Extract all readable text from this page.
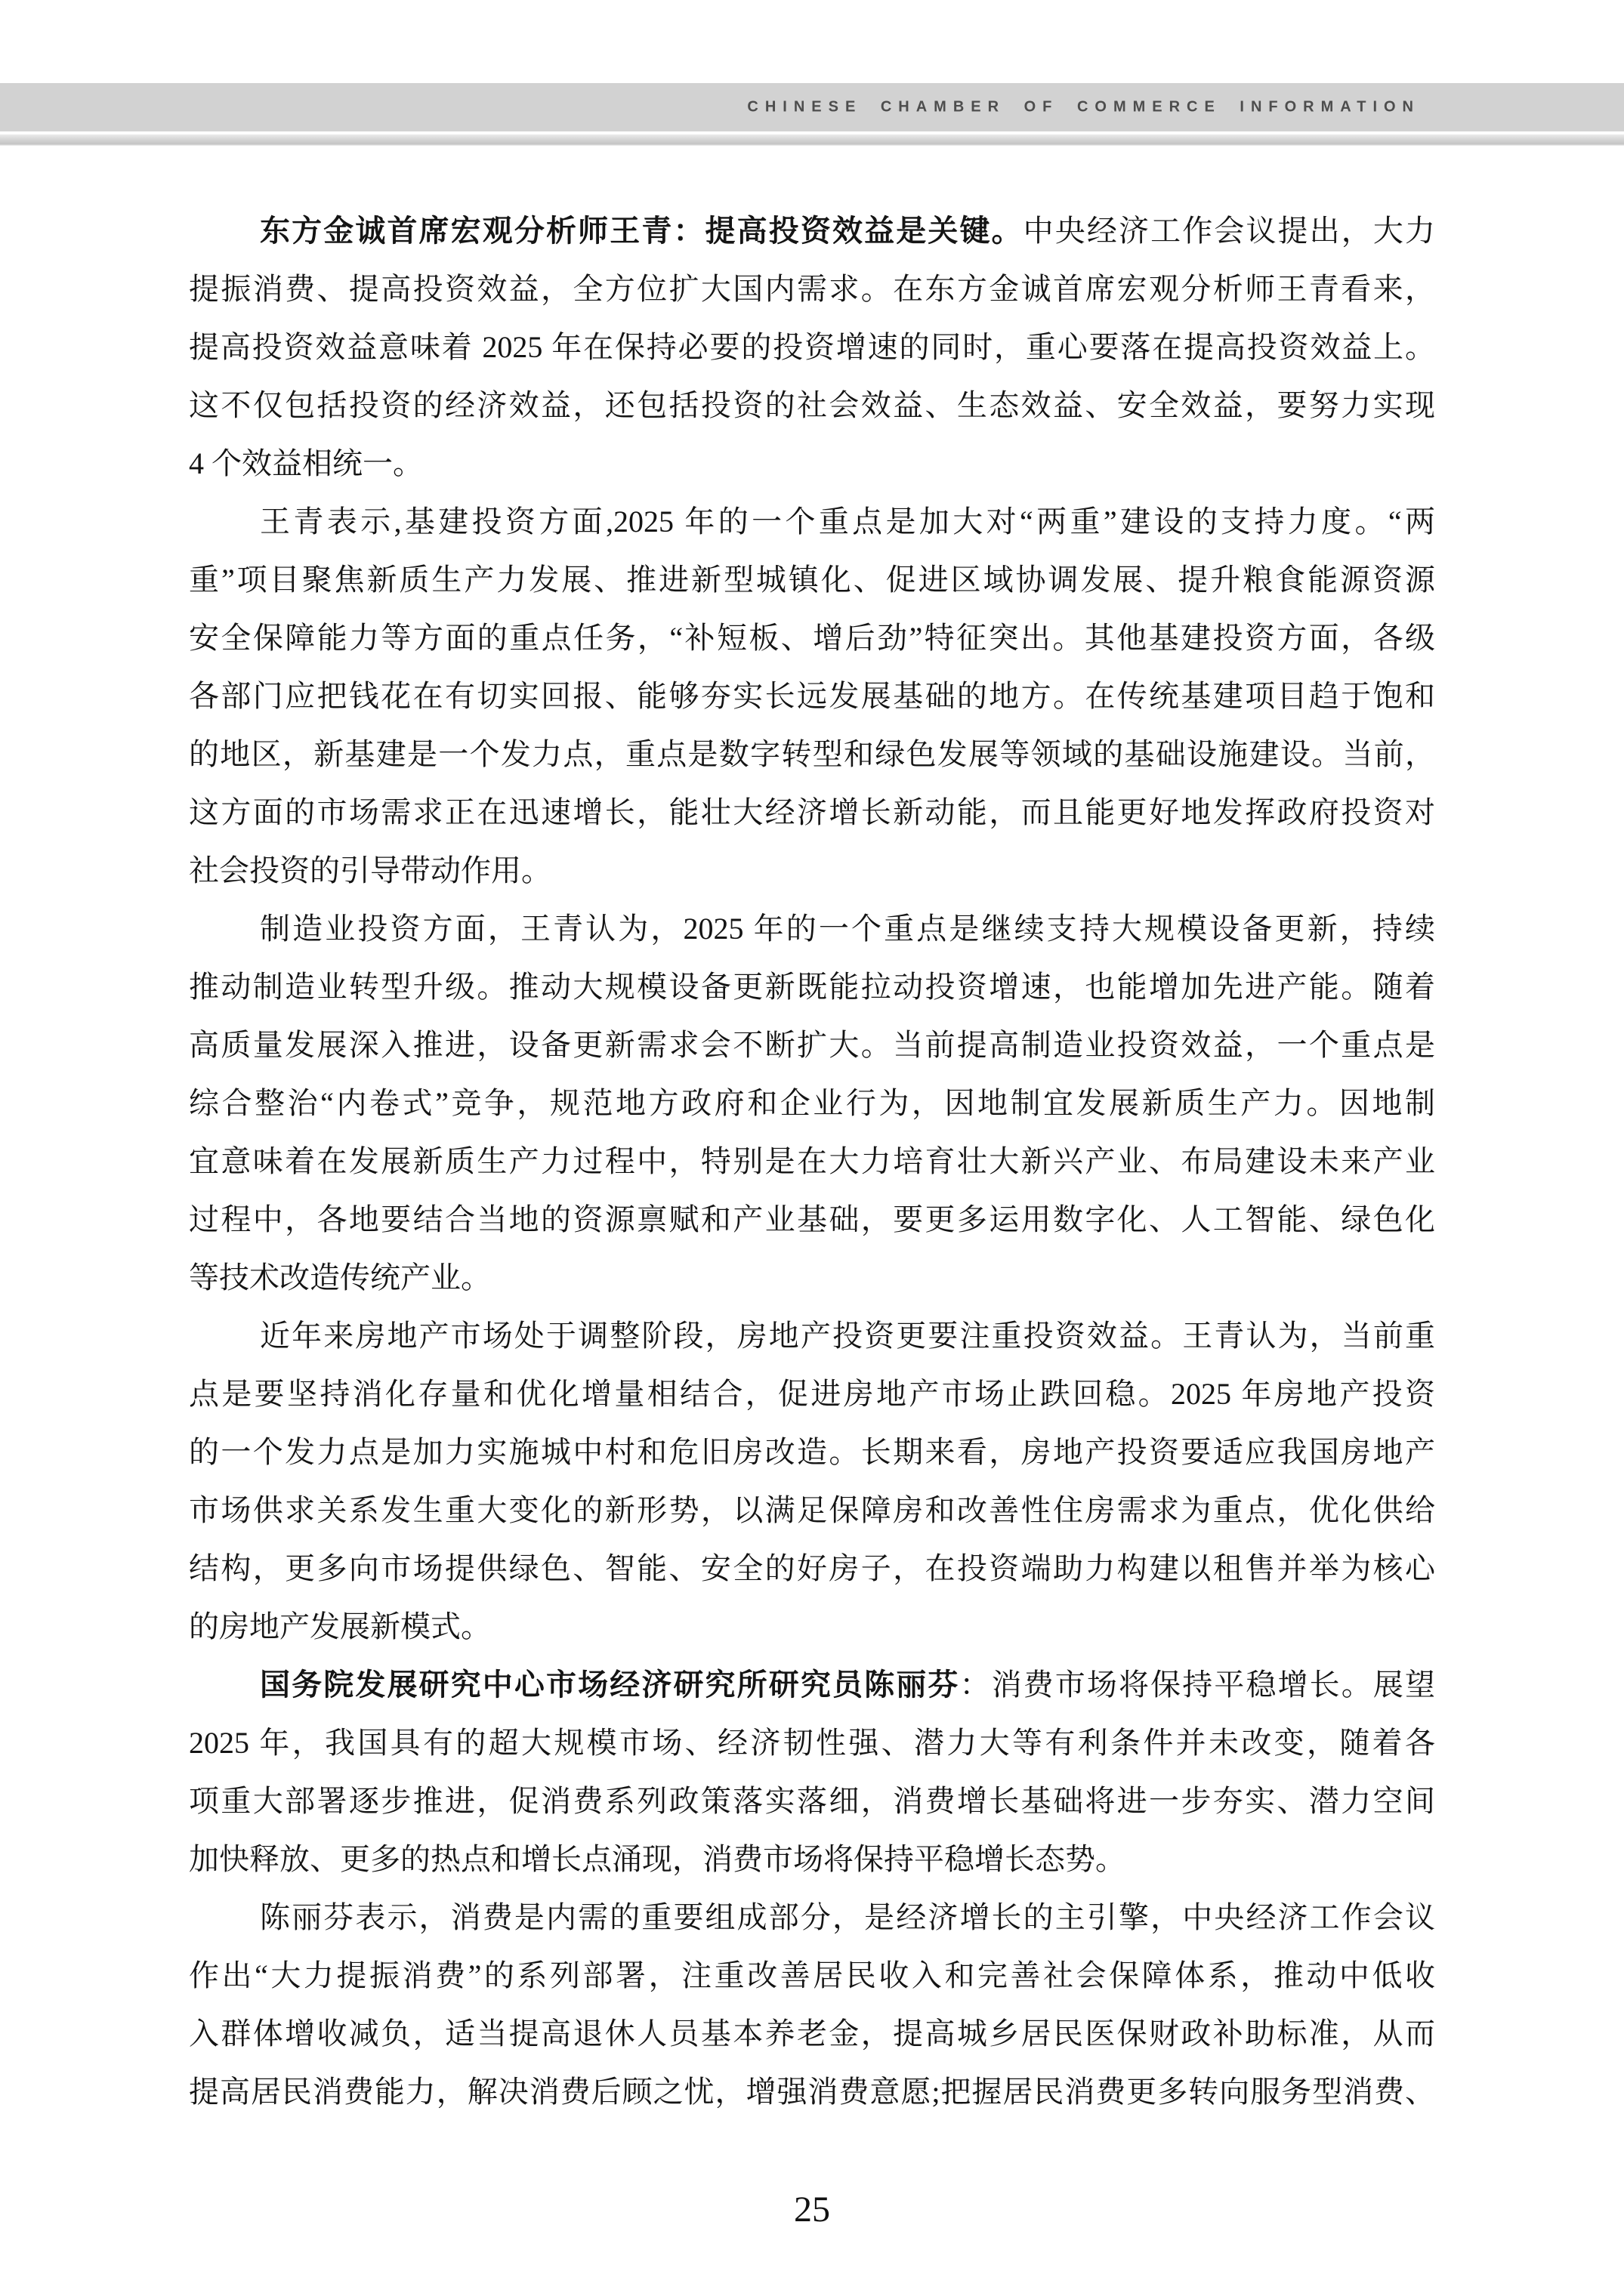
CHINESE CHAMBER OF COMMERCE INFORMATION
东方金诚首席宏观分析师王青：提高投资效益是关键。中央经济工作会议提出，大力
提振消费、提高投资效益，全方位扩大国内需求。在东方金诚首席宏观分析师王青看来，
提高投资效益意味着 2025 年在保持必要的投资增速的同时，重心要落在提高投资效益上。
这不仅包括投资的经济效益，还包括投资的社会效益、生态效益、安全效益，要努力实现
4 个效益相统一。
王青表示,基建投资方面,2025 年的一个重点是加大对“两重”建设的支持力度。“两
重”项目聚焦新质生产力发展、推进新型城镇化、促进区域协调发展、提升粮食能源资源
安全保障能力等方面的重点任务，“补短板、增后劲”特征突出。其他基建投资方面，各级
各部门应把钱花在有切实回报、能够夯实长远发展基础的地方。在传统基建项目趋于饱和
的地区，新基建是一个发力点，重点是数字转型和绿色发展等领域的基础设施建设。当前，
这方面的市场需求正在迅速增长，能壮大经济增长新动能，而且能更好地发挥政府投资对
社会投资的引导带动作用。
制造业投资方面，王青认为，2025 年的一个重点是继续支持大规模设备更新，持续
推动制造业转型升级。推动大规模设备更新既能拉动投资增速，也能增加先进产能。随着
高质量发展深入推进，设备更新需求会不断扩大。当前提高制造业投资效益，一个重点是
综合整治“内卷式”竞争，规范地方政府和企业行为，因地制宜发展新质生产力。因地制
宜意味着在发展新质生产力过程中，特别是在大力培育壮大新兴产业、布局建设未来产业
过程中，各地要结合当地的资源禀赋和产业基础，要更多运用数字化、人工智能、绿色化
等技术改造传统产业。
近年来房地产市场处于调整阶段，房地产投资更要注重投资效益。王青认为，当前重
点是要坚持消化存量和优化增量相结合，促进房地产市场止跌回稳。2025 年房地产投资
的一个发力点是加力实施城中村和危旧房改造。长期来看，房地产投资要适应我国房地产
市场供求关系发生重大变化的新形势，以满足保障房和改善性住房需求为重点，优化供给
结构，更多向市场提供绿色、智能、安全的好房子，在投资端助力构建以租售并举为核心
的房地产发展新模式。
国务院发展研究中心市场经济研究所研究员陈丽芬：消费市场将保持平稳增长。展望
2025 年，我国具有的超大规模市场、经济韧性强、潜力大等有利条件并未改变，随着各
项重大部署逐步推进，促消费系列政策落实落细，消费增长基础将进一步夯实、潜力空间
加快释放、更多的热点和增长点涌现，消费市场将保持平稳增长态势。
陈丽芬表示，消费是内需的重要组成部分，是经济增长的主引擎，中央经济工作会议
作出“大力提振消费”的系列部署，注重改善居民收入和完善社会保障体系，推动中低收
入群体增收减负，适当提高退休人员基本养老金，提高城乡居民医保财政补助标准，从而
提高居民消费能力，解决消费后顾之忧，增强消费意愿;把握居民消费更多转向服务型消费、
25
